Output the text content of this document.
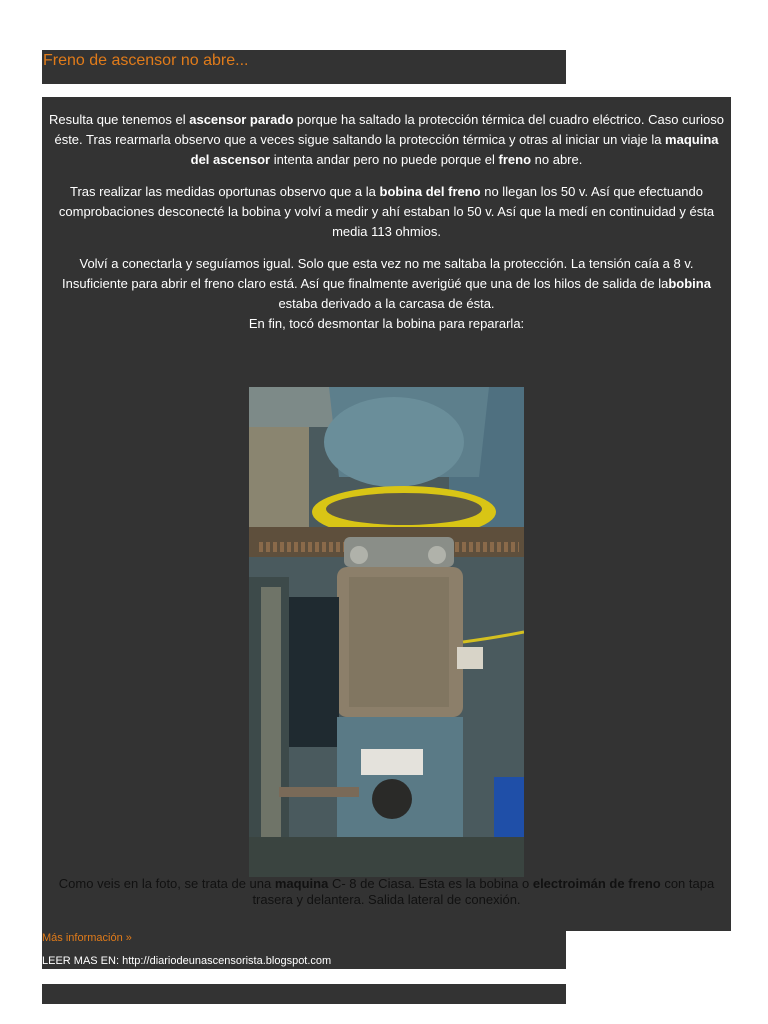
Freno de ascensor no abre...

Resulta que tenemos el ascensor parado porque ha saltado la protección térmica del cuadro eléctrico. Caso curioso éste. Tras rearmarla observo que a veces sigue saltando la protección térmica y otras al iniciar un viaje la maquina del ascensor intenta andar pero no puede porque el freno no abre.

Tras realizar las medidas oportunas observo que a la bobina del freno no llegan los 50 v. Así que efectuando comprobaciones desconecté la bobina y volví a medir y ahí estaban lo 50 v. Así que la medí en continuidad y ésta media 113 ohmios.

Volví a conectarla y seguíamos igual. Solo que esta vez no me saltaba la protección. La tensión caía a 8 v. Insuficiente para abrir el freno claro está. Así que finalmente averigüé que una de los hilos de salida de labobina estaba derivado a la carcasa de ésta.
En fin, tocó desmontar la bobina para repararla:

Como veis en la foto, se trata de una maquina C- 8 de Ciasa. Esta es la bobina o electroimán de freno con tapa trasera y delantera. Salida lateral de conexión.
Más información »
LEER MAS EN: http://diariodeunascensorista.blogspot.com
